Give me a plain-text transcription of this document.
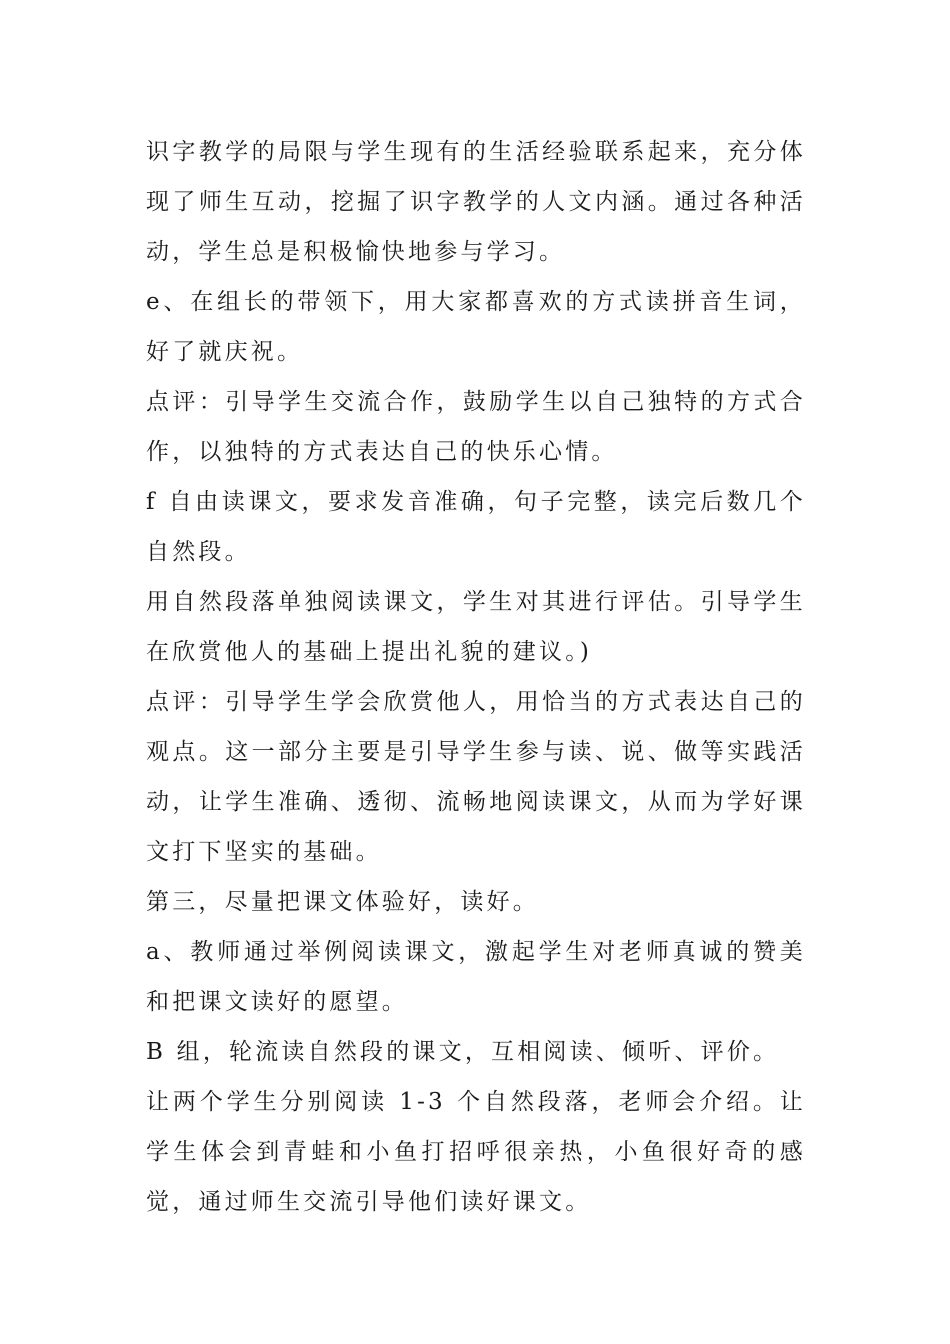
识字教学的局限与学生现有的生活经验联系起来，充分体现了师生互动，挖掘了识字教学的人文内涵。通过各种活动，学生总是积极愉快地参与学习。

e、在组长的带领下，用大家都喜欢的方式读拼音生词，好了就庆祝。

点评：引导学生交流合作，鼓励学生以自己独特的方式合作，以独特的方式表达自己的快乐心情。

f 自由读课文，要求发音准确，句子完整，读完后数几个自然段。

用自然段落单独阅读课文，学生对其进行评估。引导学生在欣赏他人的基础上提出礼貌的建议。)

点评：引导学生学会欣赏他人，用恰当的方式表达自己的观点。这一部分主要是引导学生参与读、说、做等实践活动，让学生准确、透彻、流畅地阅读课文，从而为学好课文打下坚实的基础。

第三，尽量把课文体验好，读好。

a、教师通过举例阅读课文，激起学生对老师真诚的赞美和把课文读好的愿望。

B 组，轮流读自然段的课文，互相阅读、倾听、评价。

让两个学生分别阅读 1-3 个自然段落，老师会介绍。让学生体会到青蛙和小鱼打招呼很亲热，小鱼很好奇的感觉，通过师生交流引导他们读好课文。
